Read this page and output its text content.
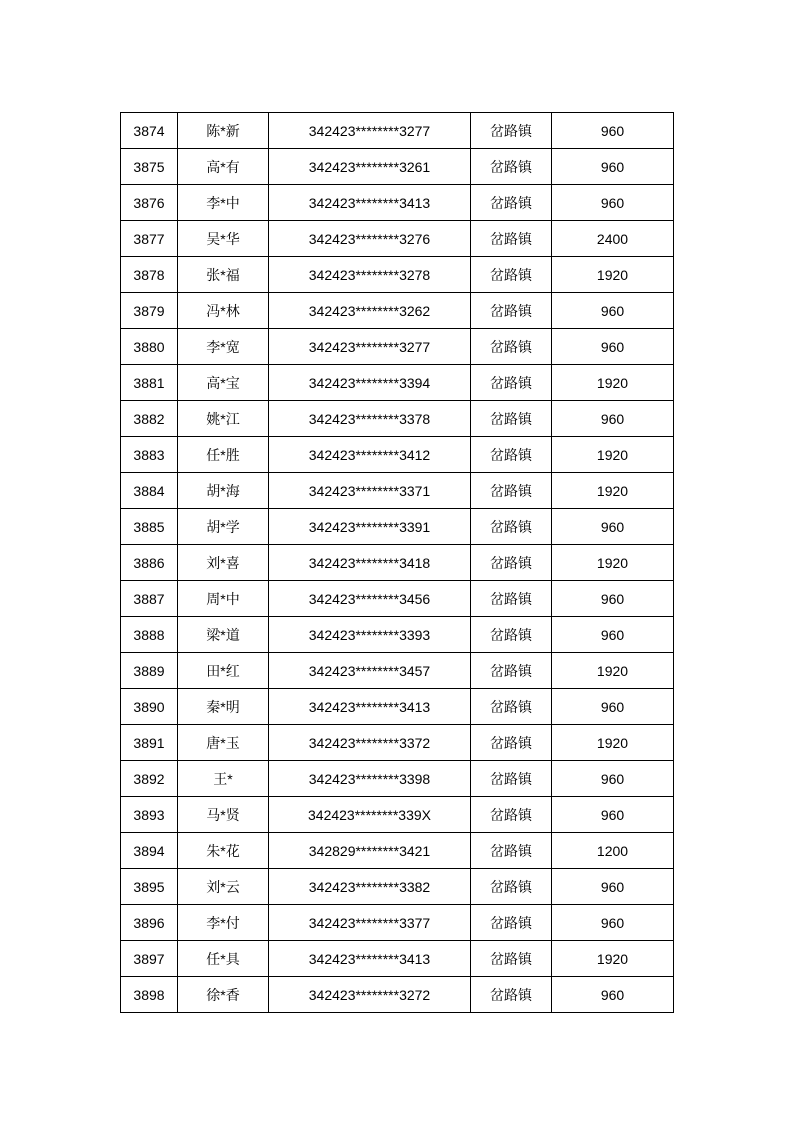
3874	陈*新	342423********3277	岔路镇	960
3875	高*有	342423********3261	岔路镇	960
3876	李*中	342423********3413	岔路镇	960
3877	吴*华	342423********3276	岔路镇	2400
3878	张*福	342423********3278	岔路镇	1920
3879	冯*林	342423********3262	岔路镇	960
3880	李*宽	342423********3277	岔路镇	960
3881	高*宝	342423********3394	岔路镇	1920
3882	姚*江	342423********3378	岔路镇	960
3883	任*胜	342423********3412	岔路镇	1920
3884	胡*海	342423********3371	岔路镇	1920
3885	胡*学	342423********3391	岔路镇	960
3886	刘*喜	342423********3418	岔路镇	1920
3887	周*中	342423********3456	岔路镇	960
3888	梁*道	342423********3393	岔路镇	960
3889	田*红	342423********3457	岔路镇	1920
3890	秦*明	342423********3413	岔路镇	960
3891	唐*玉	342423********3372	岔路镇	1920
3892	王*	342423********3398	岔路镇	960
3893	马*贤	342423********339X	岔路镇	960
3894	朱*花	342829********3421	岔路镇	1200
3895	刘*云	342423********3382	岔路镇	960
3896	李*付	342423********3377	岔路镇	960
3897	任*具	342423********3413	岔路镇	1920
3898	徐*香	342423********3272	岔路镇	960
